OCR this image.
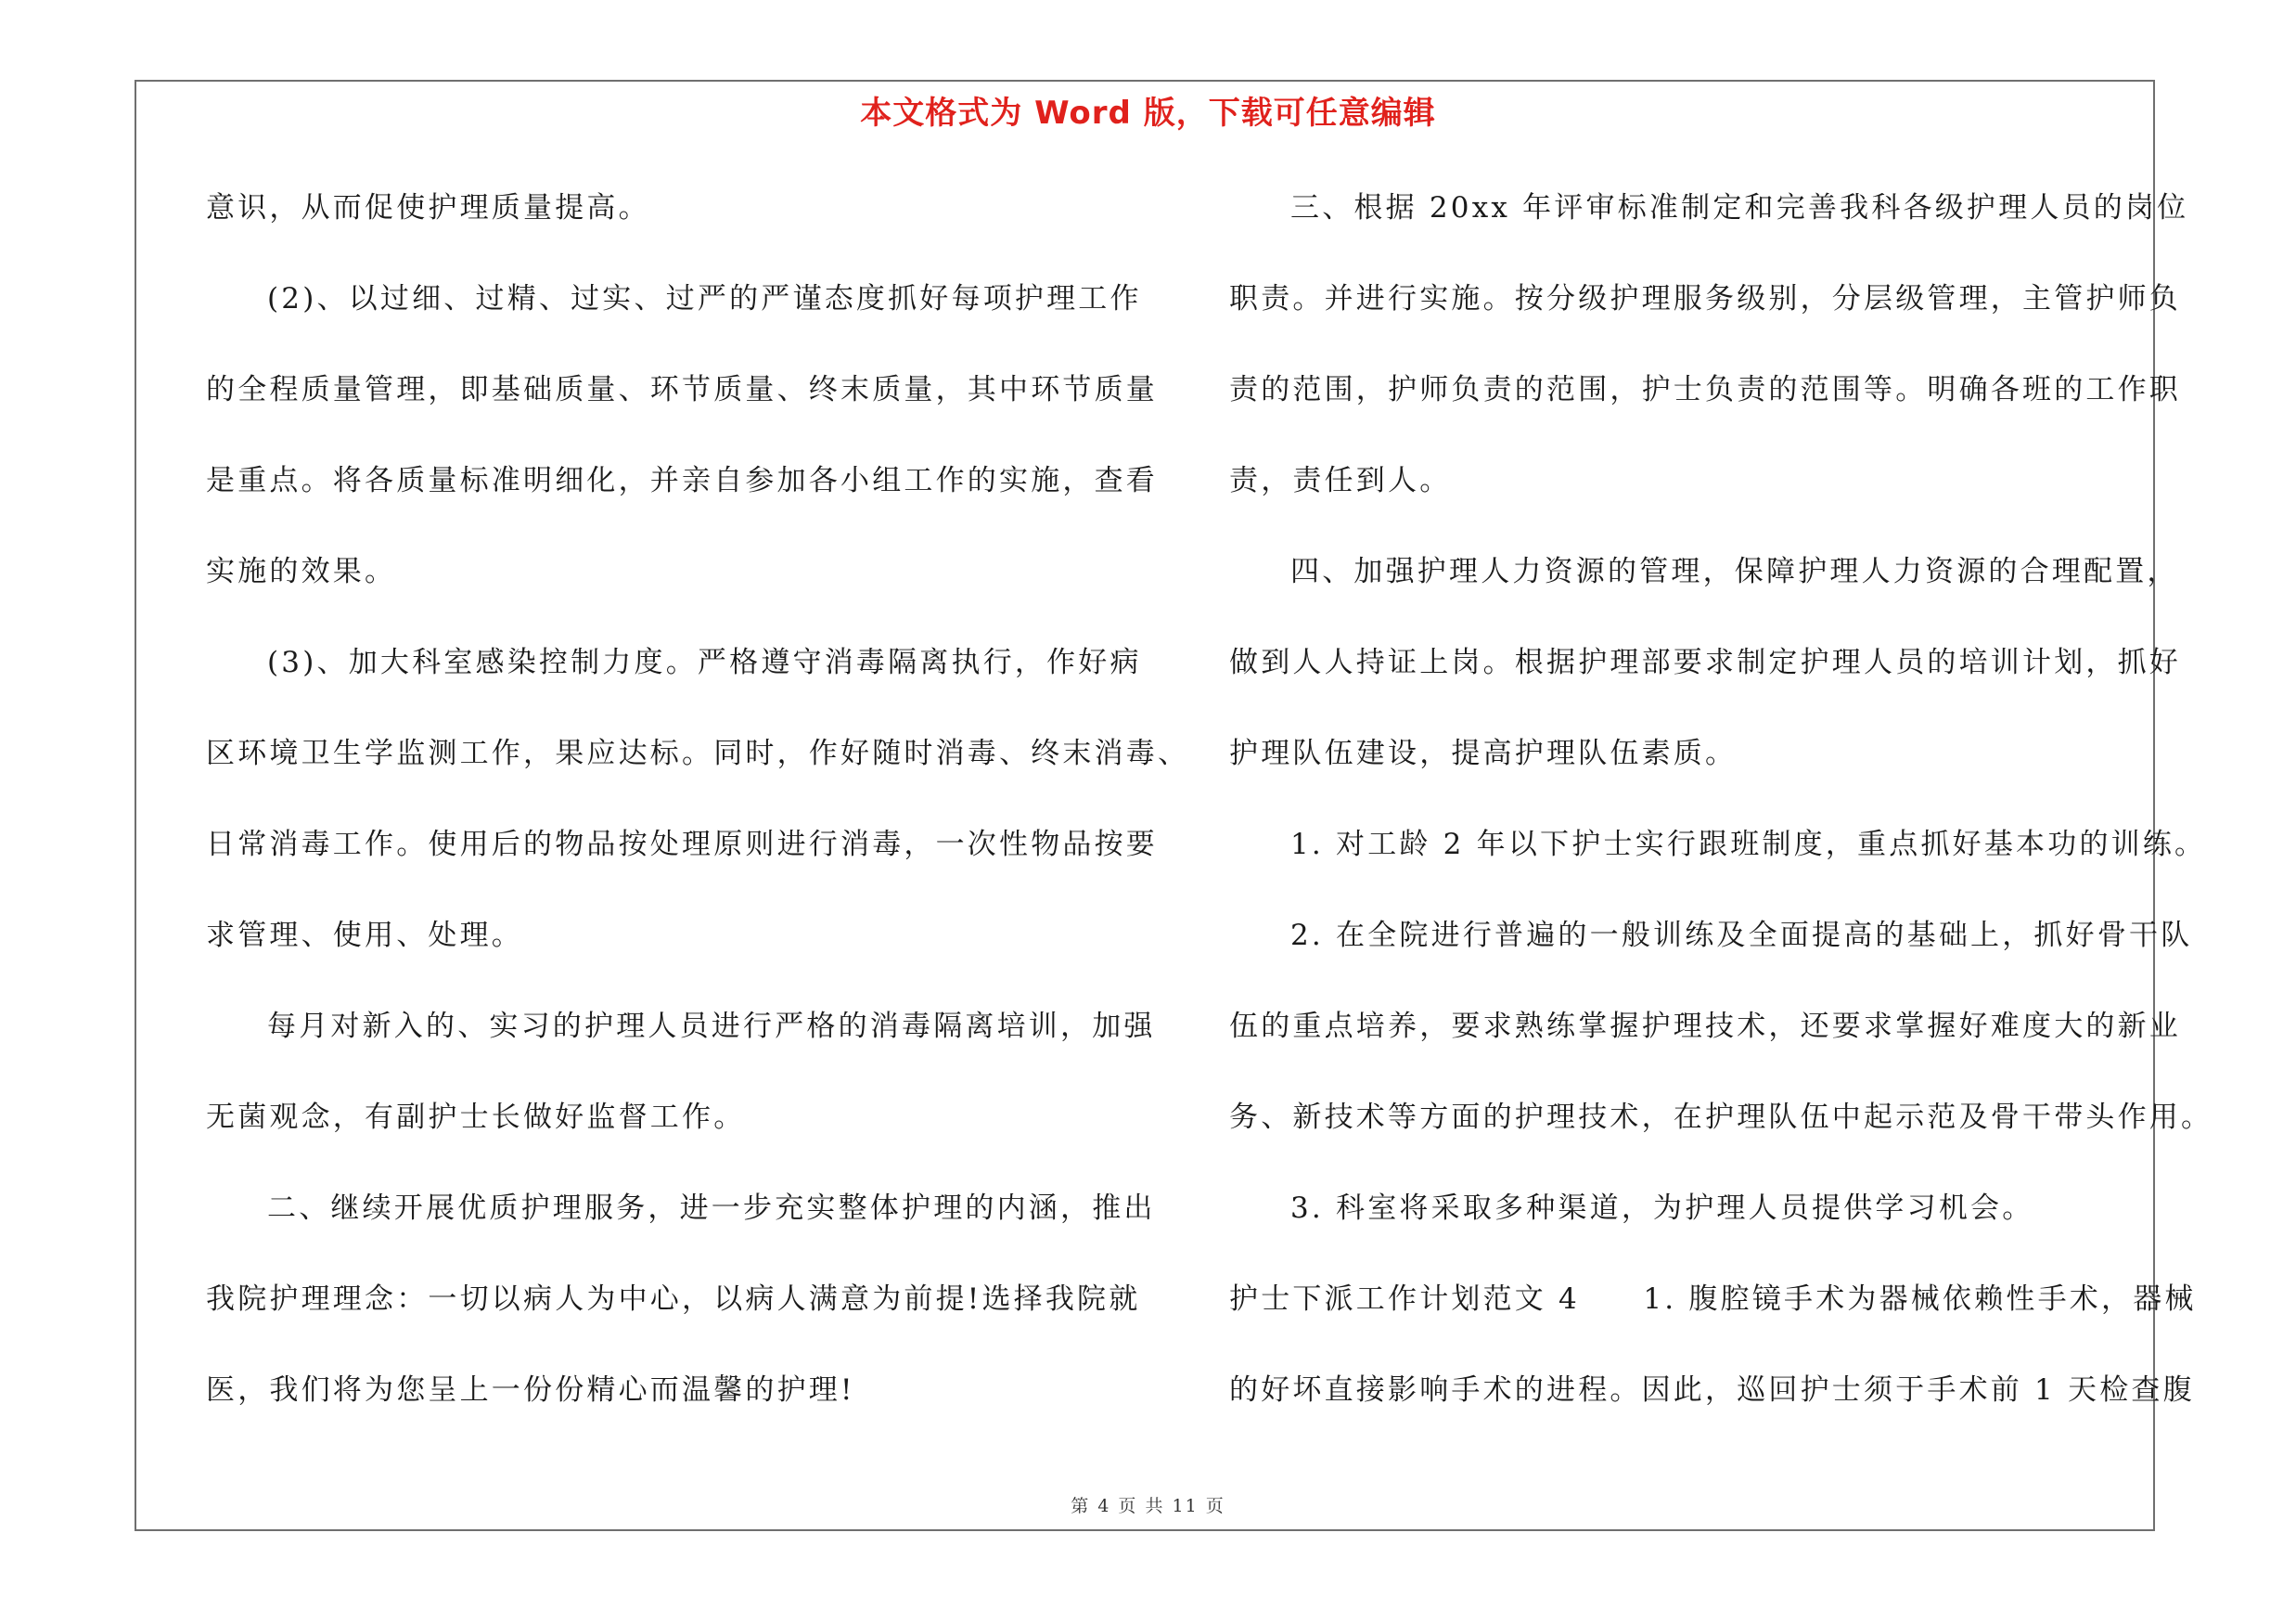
本文格式为 Word 版，下载可任意编辑
意识，从而促使护理质量提高。
(2)、以过细、过精、过实、过严的严谨态度抓好每项护理工作
的全程质量管理，即基础质量、环节质量、终末质量，其中环节质量
是重点。将各质量标准明细化，并亲自参加各小组工作的实施，查看
实施的效果。
(3)、加大科室感染控制力度。严格遵守消毒隔离执行，作好病
区环境卫生学监测工作，果应达标。同时，作好随时消毒、终末消毒、
日常消毒工作。使用后的物品按处理原则进行消毒，一次性物品按要
求管理、使用、处理。
每月对新入的、实习的护理人员进行严格的消毒隔离培训，加强
无菌观念，有副护士长做好监督工作。
二、继续开展优质护理服务，进一步充实整体护理的内涵，推出
我院护理理念：一切以病人为中心，以病人满意为前提!选择我院就
医，我们将为您呈上一份份精心而温馨的护理!
三、根据 20xx 年评审标准制定和完善我科各级护理人员的岗位
职责。并进行实施。按分级护理服务级别，分层级管理，主管护师负
责的范围，护师负责的范围，护士负责的范围等。明确各班的工作职
责，责任到人。
四、加强护理人力资源的管理，保障护理人力资源的合理配置，
做到人人持证上岗。根据护理部要求制定护理人员的培训计划，抓好
护理队伍建设，提高护理队伍素质。
1. 对工龄 2 年以下护士实行跟班制度，重点抓好基本功的训练。
2. 在全院进行普遍的一般训练及全面提高的基础上，抓好骨干队
伍的重点培养，要求熟练掌握护理技术，还要求掌握好难度大的新业
务、新技术等方面的护理技术，在护理队伍中起示范及骨干带头作用。
3. 科室将采取多种渠道，为护理人员提供学习机会。
护士下派工作计划范文 4　　1. 腹腔镜手术为器械依赖性手术，器械
的好坏直接影响手术的进程。因此，巡回护士须于手术前 1 天检查腹
第 4 页 共 11 页
